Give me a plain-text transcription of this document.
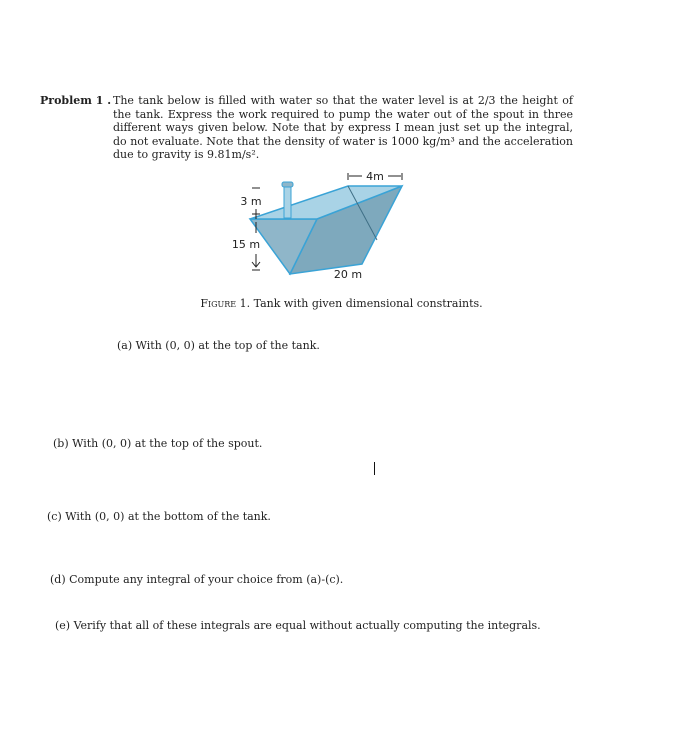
Problem 1 . The tank below is filled with water so that the water level is at 2/3 the height of the tank. Express the work required to pump the water out of the spout in three different ways given below. Note that by express I mean just set up the integral, do not evaluate. Note that the density of water is 1000 kg/m³ and the acceleration due to gravity is 9.81m/s².
4m
3 m
15 m
20 m
Figure 1. Tank with given dimensional constraints.
(a) With (0, 0) at the top of the tank.
(b) With (0, 0) at the top of the spout.
(c) With (0, 0) at the bottom of the tank.
(d) Compute any integral of your choice from (a)-(c).
(e) Verify that all of these integrals are equal without actually computing the integrals.
